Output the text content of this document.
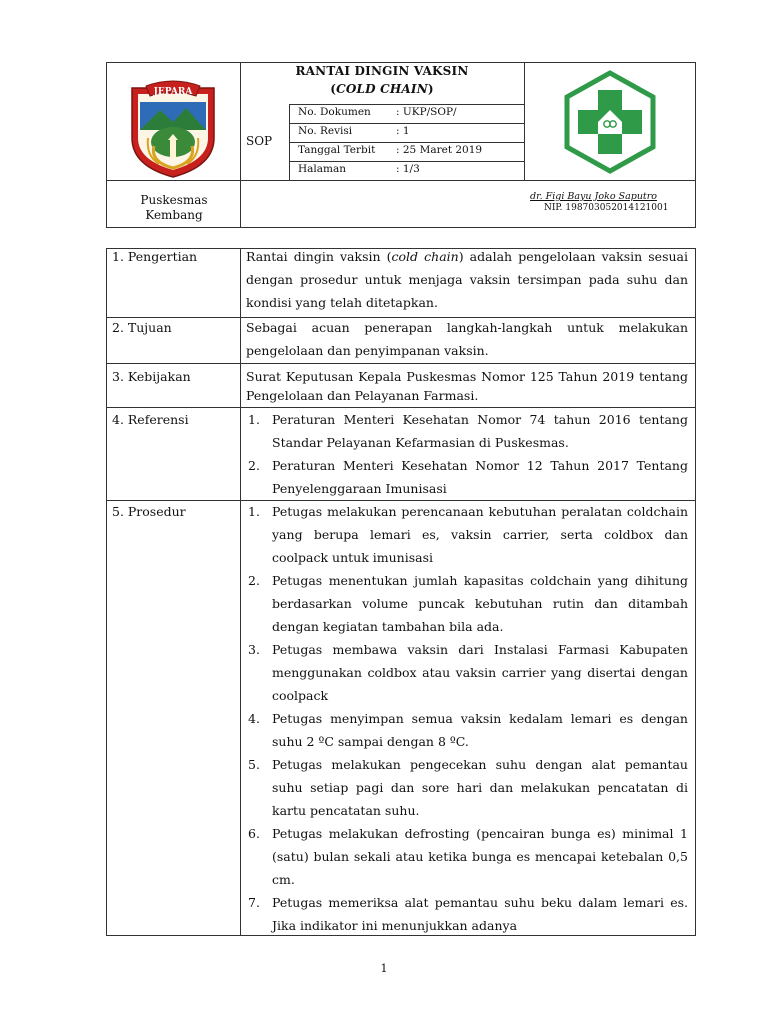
JEPARA
RANTAI DINGIN VAKSIN
(COLD CHAIN)
SOP
No. Dokumen : UKP/SOP/
No. Revisi	: 1
Tanggal Terbit : 25 Maret 2019
Halaman	: 1/3
Puskesmas
Kembang
dr. Figi Bayu Joko Saputro
NIP. 198703052014121001
1. Pengertian	Rantai dingin vaksin (cold chain) adalah pengelolaan vaksin sesuai dengan prosedur untuk menjaga vaksin tersimpan pada suhu dan kondisi yang telah ditetapkan.
2. Tujuan	Sebagai acuan penerapan langkah-langkah untuk melakukan pengelolaan dan penyimpanan vaksin.
3. Kebijakan	Surat Keputusan Kepala Puskesmas Nomor 125 Tahun 2019 tentang Pengelolaan dan Pelayanan Farmasi.
4. Referensi	1. Peraturan Menteri Kesehatan Nomor 74 tahun 2016 tentang Standar Pelayanan Kefarmasian di Puskesmas.
2. Peraturan Menteri Kesehatan Nomor 12 Tahun 2017 Tentang Penyelenggaraan Imunisasi
5. Prosedur	1. Petugas melakukan perencanaan kebutuhan peralatan coldchain yang berupa lemari es, vaksin carrier, serta coldbox dan coolpack untuk imunisasi
2. Petugas menentukan jumlah kapasitas coldchain yang dihitung berdasarkan volume puncak kebutuhan rutin dan ditambah dengan kegiatan tambahan bila ada.
3. Petugas membawa vaksin dari Instalasi Farmasi Kabupaten menggunakan coldbox atau vaksin carrier yang disertai dengan coolpack
4. Petugas menyimpan semua vaksin kedalam lemari es dengan suhu 2 ºC sampai dengan 8 ºC.
5. Petugas melakukan pengecekan suhu dengan alat pemantau suhu setiap pagi dan sore hari dan melakukan pencatatan di kartu pencatatan suhu.
6. Petugas melakukan defrosting (pencairan bunga es) minimal 1 (satu) bulan sekali atau ketika bunga es mencapai ketebalan 0,5 cm.
7. Petugas memeriksa alat pemantau suhu beku dalam lemari es. Jika indikator ini menunjukkan adanya
1
